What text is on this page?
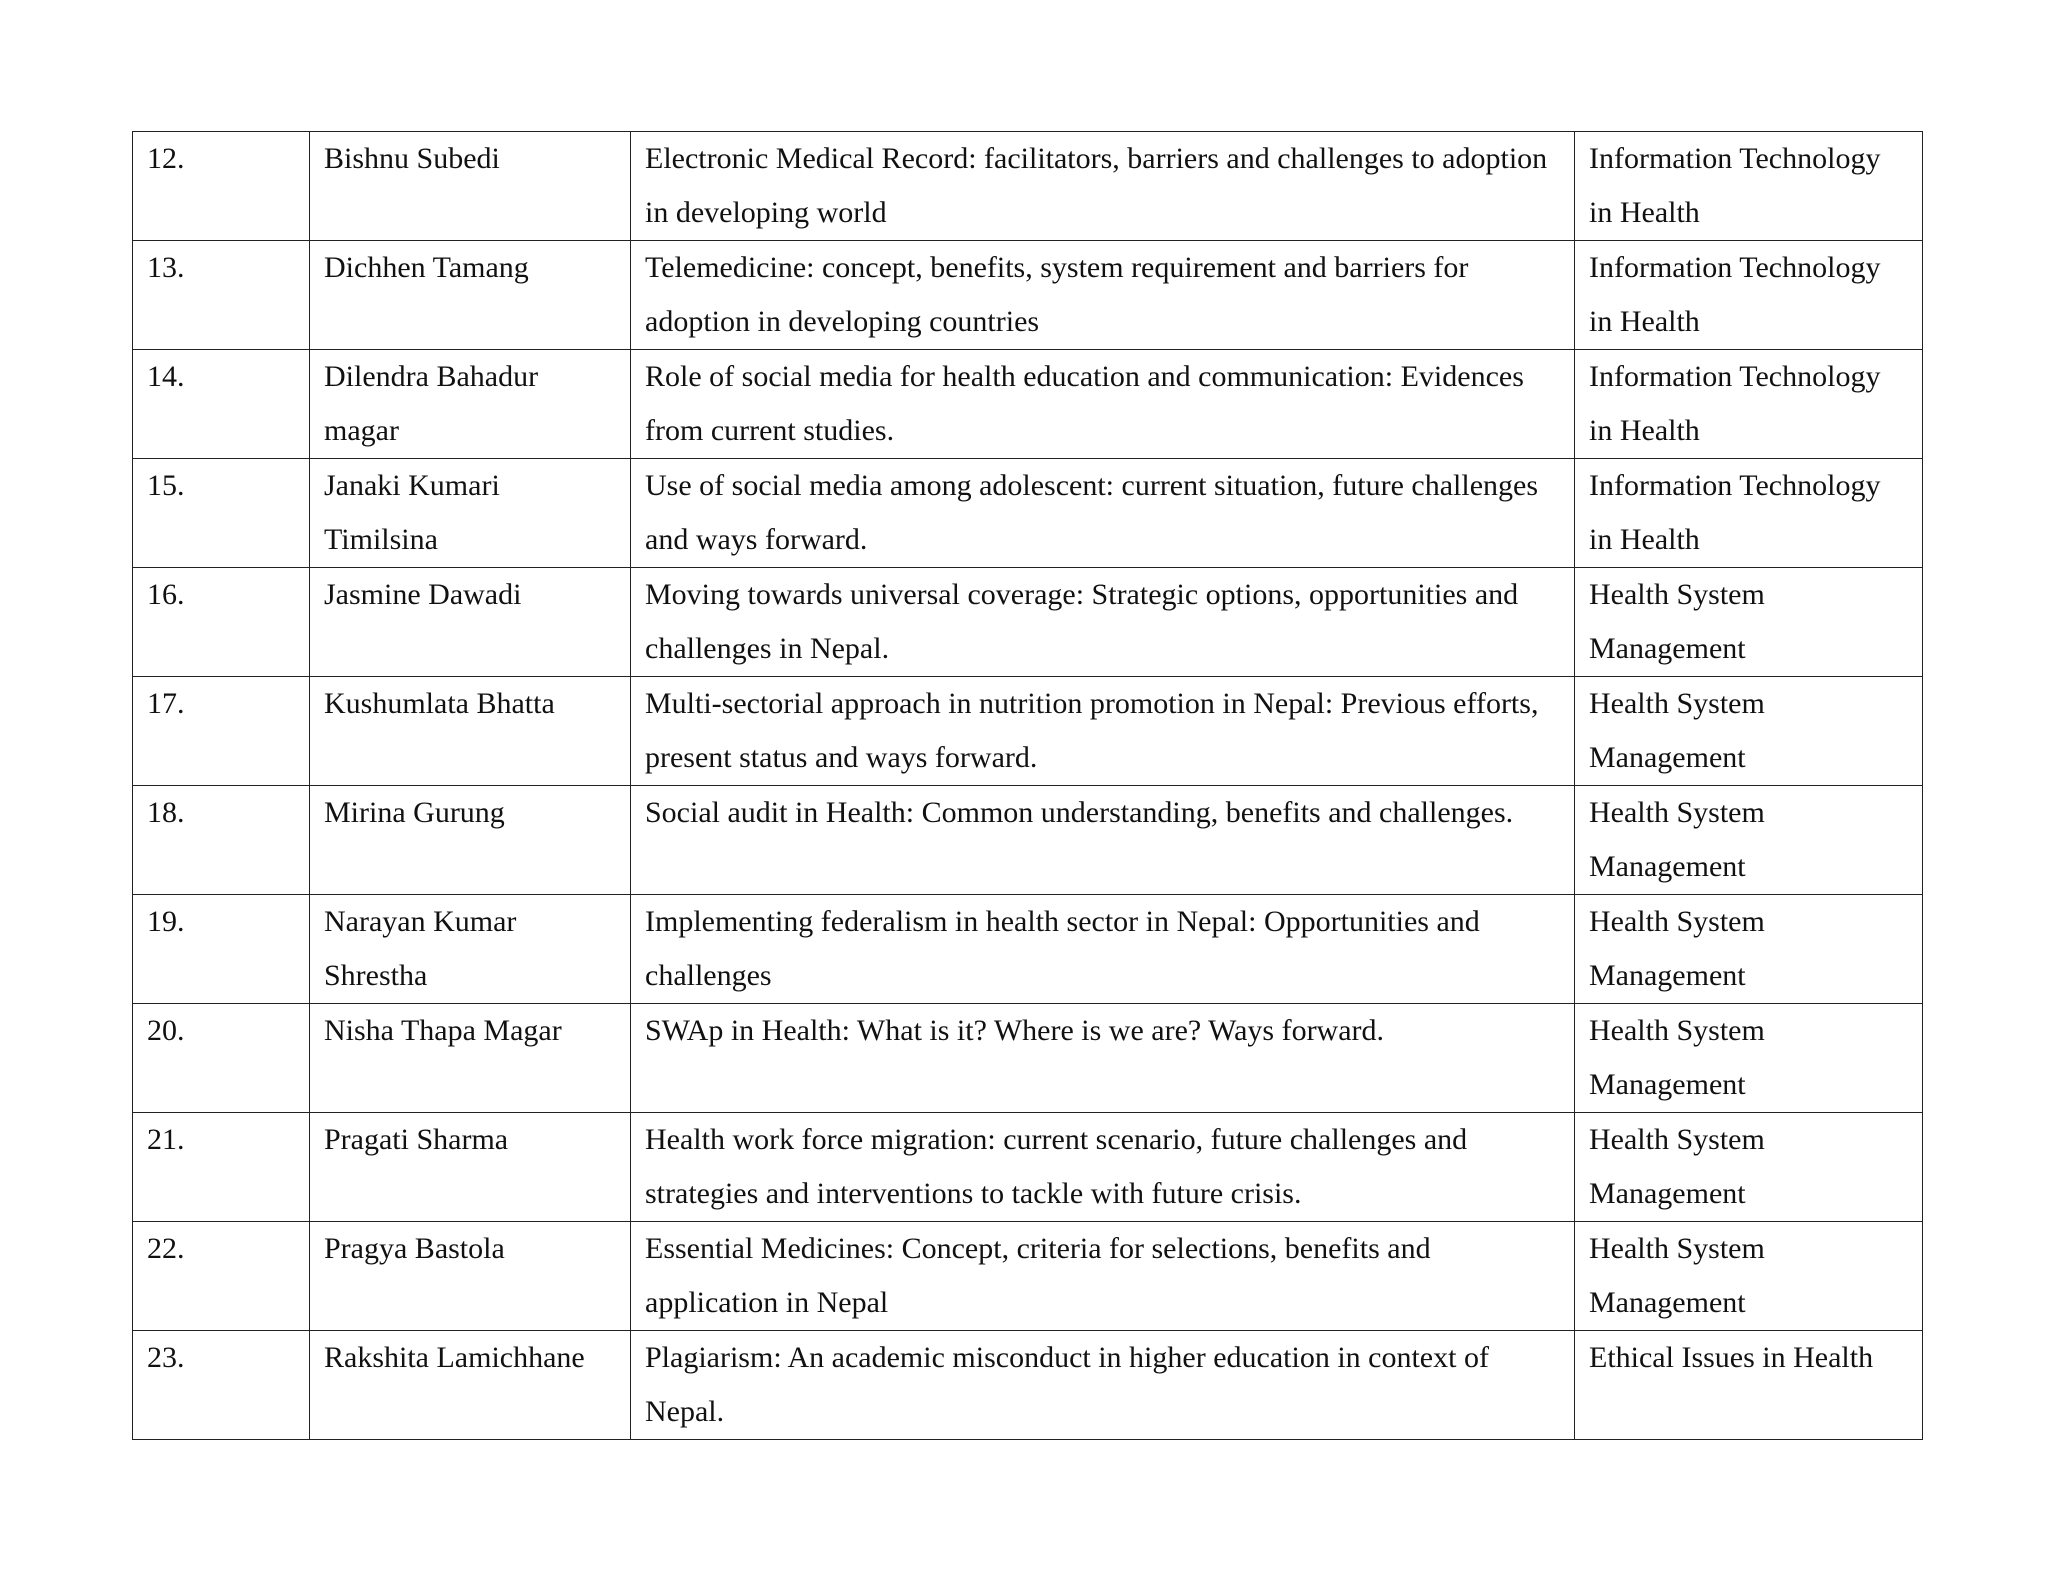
12.	Bishnu Subedi	Electronic Medical Record: facilitators, barriers and challenges to adoption in developing world	Information Technology in Health
13.	Dichhen Tamang	Telemedicine: concept, benefits, system requirement and barriers for adoption in developing countries	Information Technology in Health
14.	Dilendra Bahadur magar	Role of social media for health education and communication: Evidences from current studies.	Information Technology in Health
15.	Janaki Kumari Timilsina	Use of social media among adolescent: current situation, future challenges and ways forward.	Information Technology in Health
16.	Jasmine Dawadi	Moving towards universal coverage: Strategic options, opportunities and challenges in Nepal.	Health System Management
17.	Kushumlata Bhatta	Multi-sectorial approach in nutrition promotion in Nepal: Previous efforts, present status and ways forward.	Health System Management
18.	Mirina Gurung	Social audit in Health: Common understanding, benefits and challenges.	Health System Management
19.	Narayan Kumar Shrestha	Implementing federalism in health sector in Nepal: Opportunities and challenges	Health System Management
20.	Nisha Thapa Magar	SWAp in Health: What is it? Where is we are? Ways forward.	Health System Management
21.	Pragati Sharma	Health work force migration: current scenario, future challenges and strategies and interventions to tackle with future crisis.	Health System Management
22.	Pragya Bastola	Essential Medicines: Concept, criteria for selections, benefits and application in Nepal	Health System Management
23.	Rakshita Lamichhane	Plagiarism: An academic misconduct in higher education in context of Nepal.	Ethical Issues in Health
